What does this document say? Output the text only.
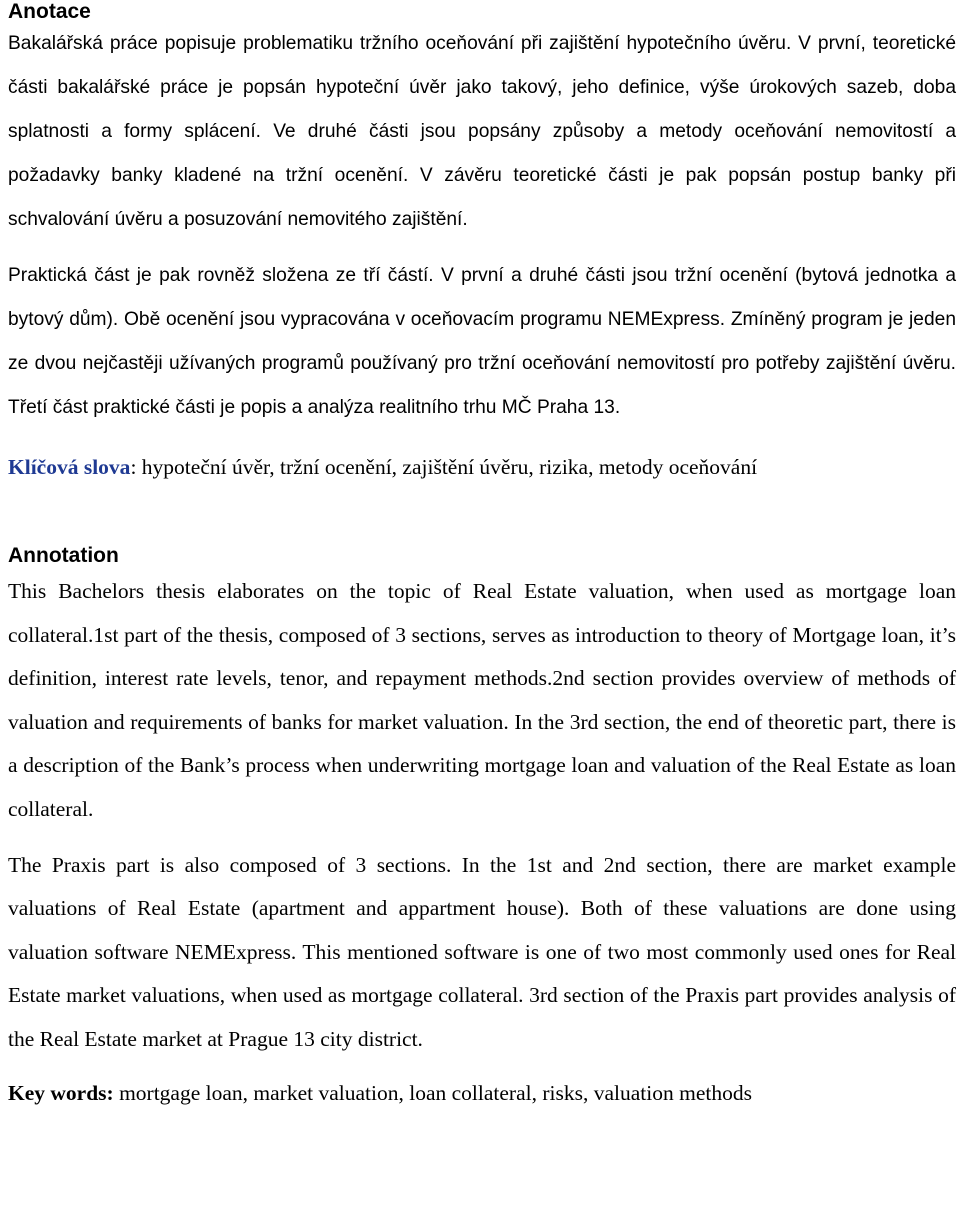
Anotace

Bakalářská práce popisuje problematiku tržního oceňování při zajištění hypotečního úvěru. V první, teoretické části bakalářské práce je popsán hypoteční úvěr jako takový, jeho definice, výše úrokových sazeb, doba splatnosti a formy splácení. Ve druhé části jsou popsány způsoby a metody oceňování nemovitostí a požadavky banky kladené na tržní ocenění. V závěru teoretické části je pak popsán postup banky při schvalování úvěru a posuzování nemovitého zajištění.

Praktická část je pak rovněž složena ze tří částí. V první a druhé části jsou tržní ocenění (bytová jednotka a bytový dům). Obě ocenění jsou vypracována v oceňovacím programu NEMExpress. Zmíněný program je jeden ze dvou nejčastěji užívaných programů používaný pro tržní oceňování nemovitostí pro potřeby zajištění úvěru. Třetí část praktické části je popis a analýza realitního trhu MČ Praha 13.

Klíčová slova: hypoteční úvěr, tržní ocenění, zajištění úvěru, rizika, metody oceňování

Annotation

This Bachelors thesis elaborates on the topic of Real Estate valuation, when used as mortgage loan collateral.1st part of the thesis, composed of 3 sections, serves as introduction to theory of Mortgage loan, it’s definition, interest rate levels, tenor, and repayment methods.2nd section provides overview of methods of valuation and requirements of banks for market valuation. In the 3rd section, the end of theoretic part, there is a description of the Bank’s process when underwriting mortgage loan and valuation of the Real Estate as loan collateral.

The Praxis part is also composed of 3 sections. In the 1st and 2nd section, there are market example valuations of Real Estate (apartment and appartment house). Both of these valuations are done using valuation software NEMExpress. This mentioned software is one of two most commonly used ones for Real Estate market valuations, when used as mortgage collateral. 3rd section of the Praxis part provides analysis of the Real Estate market at Prague 13 city district.

Key words: mortgage loan, market valuation, loan collateral, risks, valuation methods
